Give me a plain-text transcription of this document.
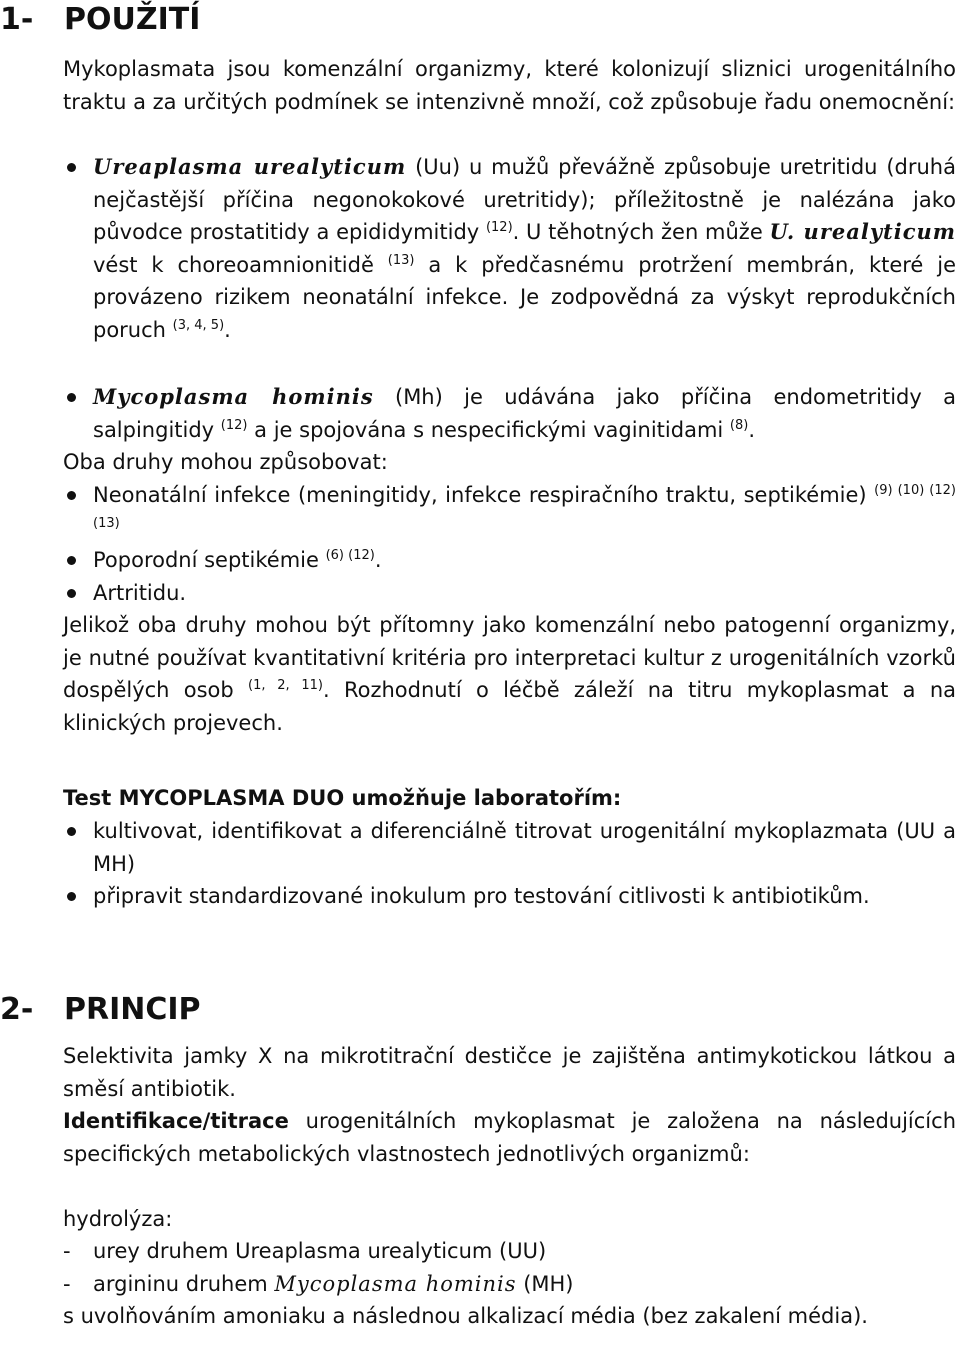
1- POUŽITÍ
Mykoplasmata jsou komenzální organizmy, které kolonizují sliznici urogenitálního traktu a za určitých podmínek se intenzivně množí, což způsobuje řadu onemocnění:
Ureaplasma urealyticum (Uu) u mužů převážně způsobuje uretritidu (druhá nejčastější příčina negonokokové uretritidy); příležitostně je nalézána jako původce prostatitidy a epididymitidy $^{(12)}$. U těhotných žen může U. urealyticum vést k choreoamnionitidě $^{(13)}$ a k předčasnému protržení membrán, které je provázeno rizikem neonatální infekce. Je zodpovědná za výskyt reprodukčních poruch $^{(3, 4, 5)}$.
Mycoplasma hominis (Mh) je udávána jako příčina endometritidy a salpingitidy $^{(12)}$ a je spojována s nespecifickými vaginitidami $^{(8)}$.
Oba druhy mohou způsobovat:
Neonatální infekce (meningitidy, infekce respiračního traktu, septikémie) $^{(9) (10) (12) (13)}$
Poporodní septikémie $^{(6) (12)}$.
Artritidu.
Jelikož oba druhy mohou být přítomny jako komenzální nebo patogenní organizmy, je nutné používat kvantitativní kritéria pro interpretaci kultur z urogenitálních vzorků dospělých osob $^{(1, 2, 11)}$. Rozhodnutí o léčbě záleží na titru mykoplasmat a na klinických projevech.
Test MYCOPLASMA DUO umožňuje laboratořím:
kultivovat, identifikovat a diferenciálně titrovat urogenitální mykoplazmata (UU a MH)
připravit standardizované inokulum pro testování citlivosti k antibiotikům.
2- PRINCIP
Selektivita jamky X na mikrotitrační destičce je zajištěna antimykotickou látkou a směsí antibiotik.
Identifikace/titrace urogenitálních mykoplasmat je založena na následujících specifických metabolických vlastnostech jednotlivých organizmů:
hydrolýza:
- urey druhem Ureaplasma urealyticum (UU)
- argininu druhem Mycoplasma hominis (MH)
s uvolňováním amoniaku a následnou alkalizací média (bez zakalení média).
